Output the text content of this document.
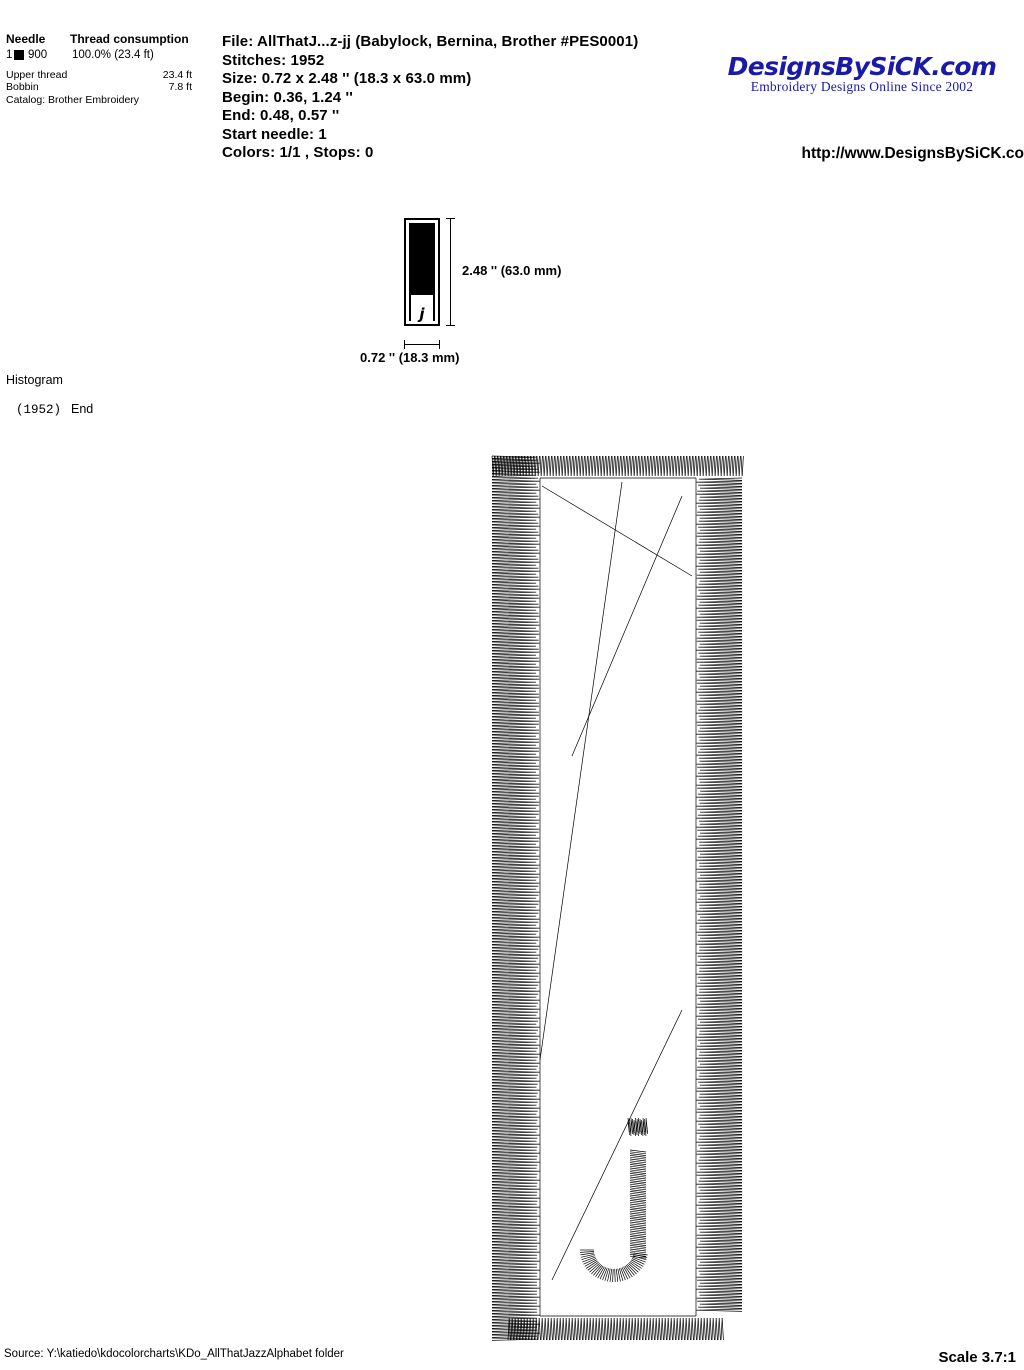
Needle	Thread consumption
1 900	100.0% (23.4 ft)
Upper thread	23.4 ft
Bobbin	7.8 ft
Catalog: Brother Embroidery
File: AllThatJ...z-jj (Babylock, Bernina, Brother #PES0001)
Stitches: 1952
Size: 0.72 x 2.48 '' (18.3 x 63.0 mm)
Begin: 0.36, 1.24 ''
End: 0.48, 0.57 ''
Start needle: 1
Colors: 1/1 , Stops: 0
DesignsBySiCK.com
Embroidery Designs Online Since 2002
http://www.DesignsBySiCK.co
j
2.48 '' (63.0 mm)
0.72 '' (18.3 mm)
Histogram
(1952) End
Source: Y:\katiedo\kdocolorcharts\KDo_AllThatJazzAlphabet folder	Scale 3.7:1
